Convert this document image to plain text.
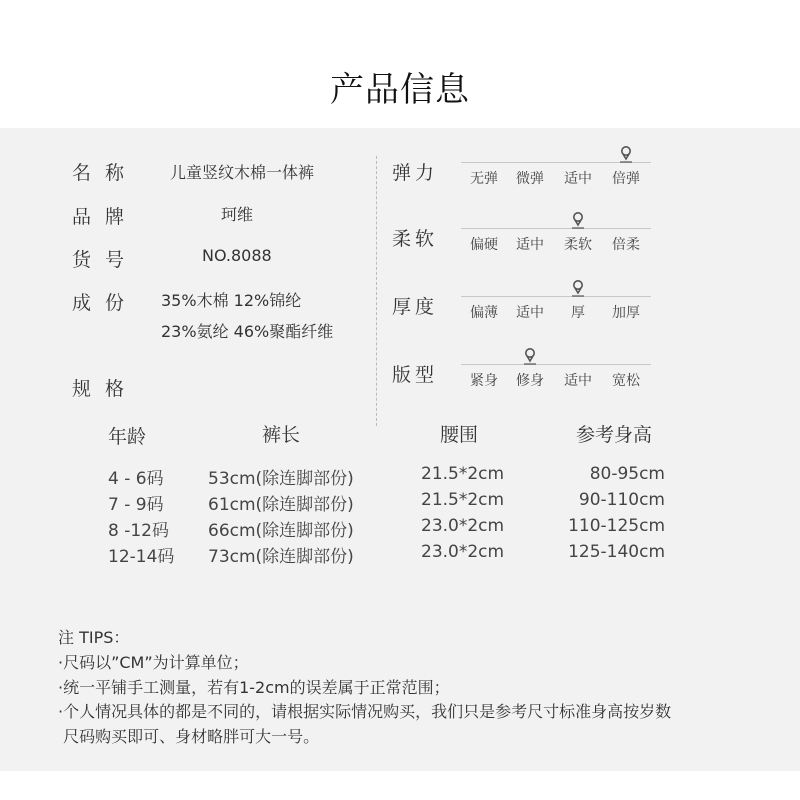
产品信息
名 称	儿童竖纹木棉一体裤
品 牌	珂维
货 号	NO.8088
成 份	35%木棉 12%锦纶
23%氨纶 46%聚酯纤维
规 格
弹力	无弹	微弹	适中	倍弹
柔软	偏硬	适中	柔软	倍柔
厚度	偏薄	适中	厚	加厚
版型	紧身	修身	适中	宽松
年龄	裤长	腰围	参考身高
4 - 6码	53cm(除连脚部份)	21.5*2cm	80-95cm
7 - 9码	61cm(除连脚部份)	21.5*2cm	90-110cm
8 -12码 66cm(除连脚部份)	23.0*2cm	110-125cm
12-14码 73cm(除连脚部份)	23.0*2cm	125-140cm
注 TIPS：
·尺码以”CM”为计算单位；
·统一平铺手工测量，若有1-2cm的误差属于正常范围；
·个人情况具体的都是不同的，请根据实际情况购买，我们只是参考尺寸标准身高按岁数
尺码购买即可、身材略胖可大一号。
